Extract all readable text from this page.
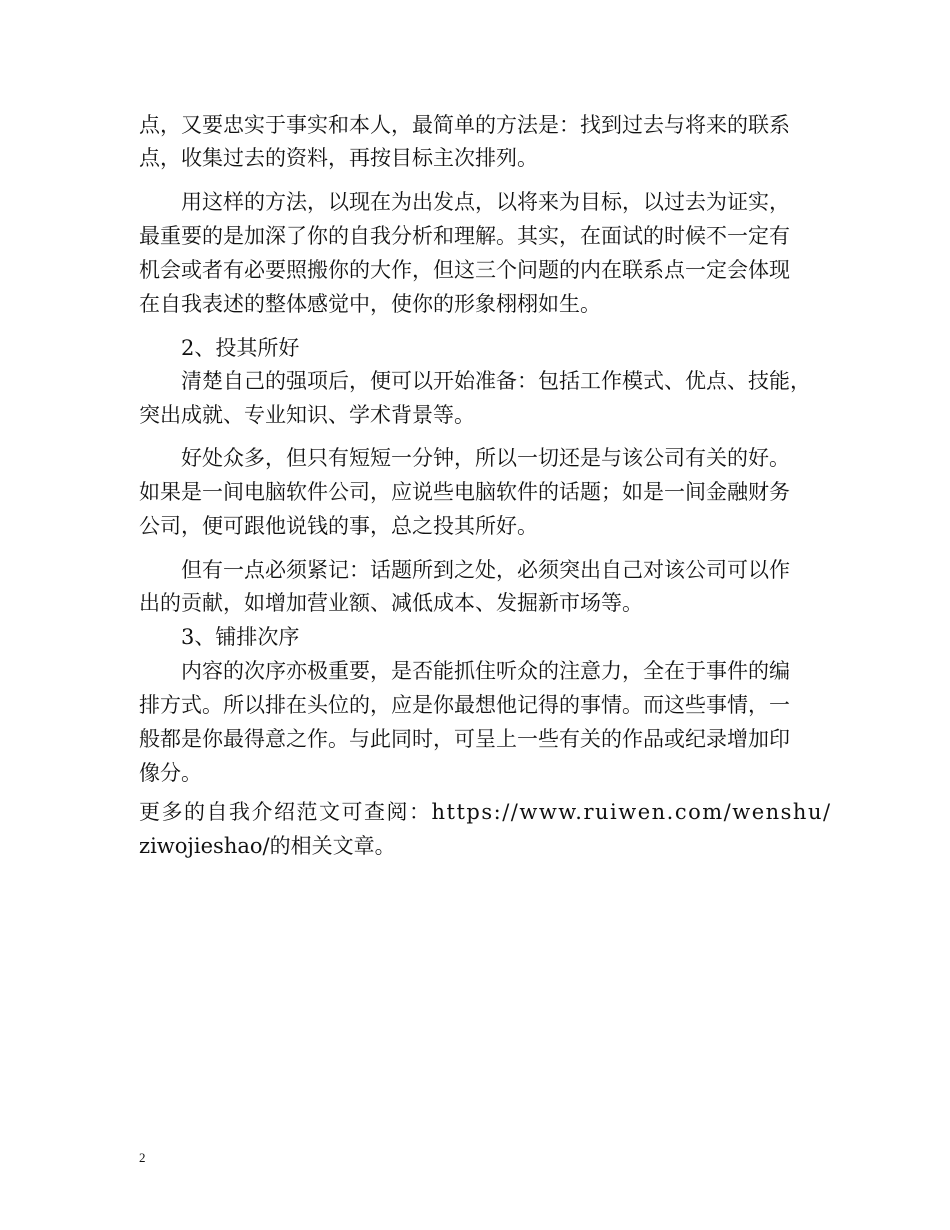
点，又要忠实于事实和本人，最简单的方法是：找到过去与将来的联系
点，收集过去的资料，再按目标主次排列。
用这样的方法，以现在为出发点，以将来为目标，以过去为证实，
最重要的是加深了你的自我分析和理解。其实，在面试的时候不一定有
机会或者有必要照搬你的大作，但这三个问题的内在联系点一定会体现
在自我表述的整体感觉中，使你的形象栩栩如生。
2、投其所好
清楚自己的强项后，便可以开始准备：包括工作模式、优点、技能，
突出成就、专业知识、学术背景等。
好处众多，但只有短短一分钟，所以一切还是与该公司有关的好。
如果是一间电脑软件公司，应说些电脑软件的话题；如是一间金融财务
公司，便可跟他说钱的事，总之投其所好。
但有一点必须紧记：话题所到之处，必须突出自己对该公司可以作
出的贡献，如增加营业额、减低成本、发掘新市场等。
3、铺排次序
内容的次序亦极重要，是否能抓住听众的注意力，全在于事件的编
排方式。所以排在头位的，应是你最想他记得的事情。而这些事情，一
般都是你最得意之作。与此同时，可呈上一些有关的作品或纪录增加印
像分。
更多的自我介绍范文可查阅：https://www.ruiwen.com/wenshu/
ziwojieshao/的相关文章。
2
